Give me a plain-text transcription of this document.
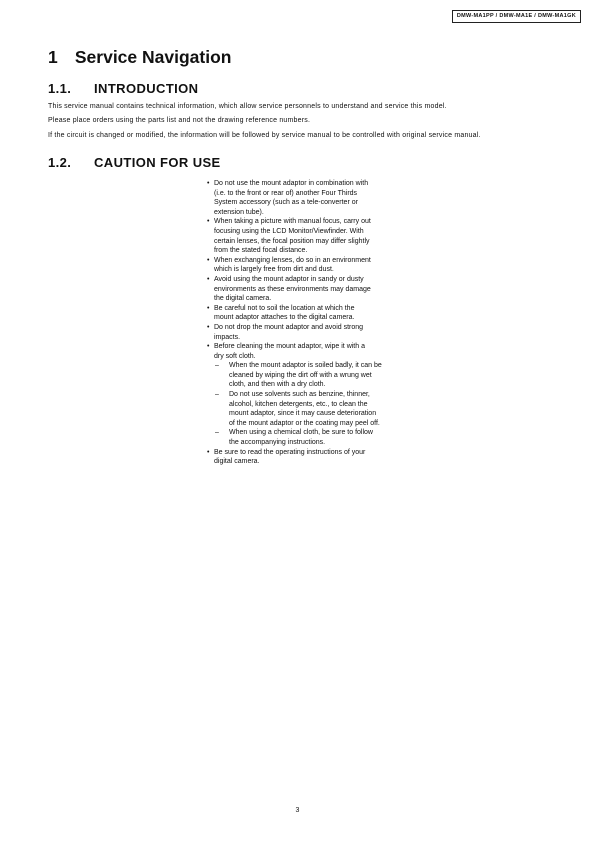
DMW-MA1PP / DMW-MA1E / DMW-MA1GK
1 Service Navigation
1.1. INTRODUCTION

This service manual contains technical information, which allow service personnels to understand and service this model.

Please place orders using the parts list and not the drawing reference numbers.

If the circuit is changed or modified, the information will be followed by service manual to be controlled with original service manual.

1.2. CAUTION FOR USE
• Do not use the mount adaptor in combination with
(i.e. to the front or rear of) another Four Thirds
System accessory (such as a tele-converter or
extension tube).
• When taking a picture with manual focus, carry out
focusing using the LCD Monitor/Viewfinder. With
certain lenses, the focal position may differ slightly
from the stated focal distance.
• When exchanging lenses, do so in an environment
which is largely free from dirt and dust.
• Avoid using the mount adaptor in sandy or dusty
environments as these environments may damage
the digital camera.
• Be careful not to soil the location at which the
mount adaptor attaches to the digital camera.
• Do not drop the mount adaptor and avoid strong
impacts.
• Before cleaning the mount adaptor, wipe it with a
dry soft cloth.
– When the mount adaptor is soiled badly, it can be
cleaned by wiping the dirt off with a wrung wet
cloth, and then with a dry cloth.
– Do not use solvents such as benzine, thinner,
alcohol, kitchen detergents, etc., to clean the
mount adaptor, since it may cause deterioration
of the mount adaptor or the coating may peel off.
– When using a chemical cloth, be sure to follow
the accompanying instructions.
• Be sure to read the operating instructions of your
digital camera.

3
